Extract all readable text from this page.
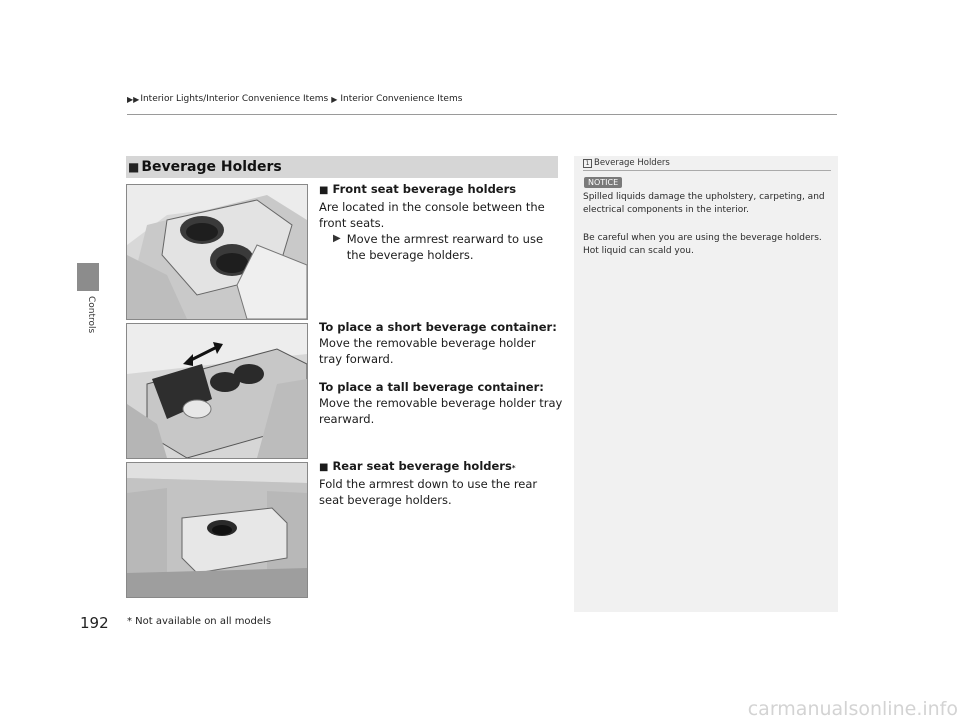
▶▶ Interior Lights/Interior Convenience Items ▶ Interior Convenience Items
Controls
■ Beverage Holders
■ Front seat beverage holders
Are located in the console between the front seats.
▶ Move the armrest rearward to use the beverage holders.
To place a short beverage container:
Move the removable beverage holder tray forward.
To place a tall beverage container: Move the removable beverage holder tray rearward.
■ Rear seat beverage holders *
Fold the armrest down to use the rear seat beverage holders.
1 Beverage Holders
NOTICE
Spilled liquids damage the upholstery, carpeting, and electrical components in the interior.
Be careful when you are using the beverage holders. Hot liquid can scald you.
192 * Not available on all models
carmanualsonline.info
